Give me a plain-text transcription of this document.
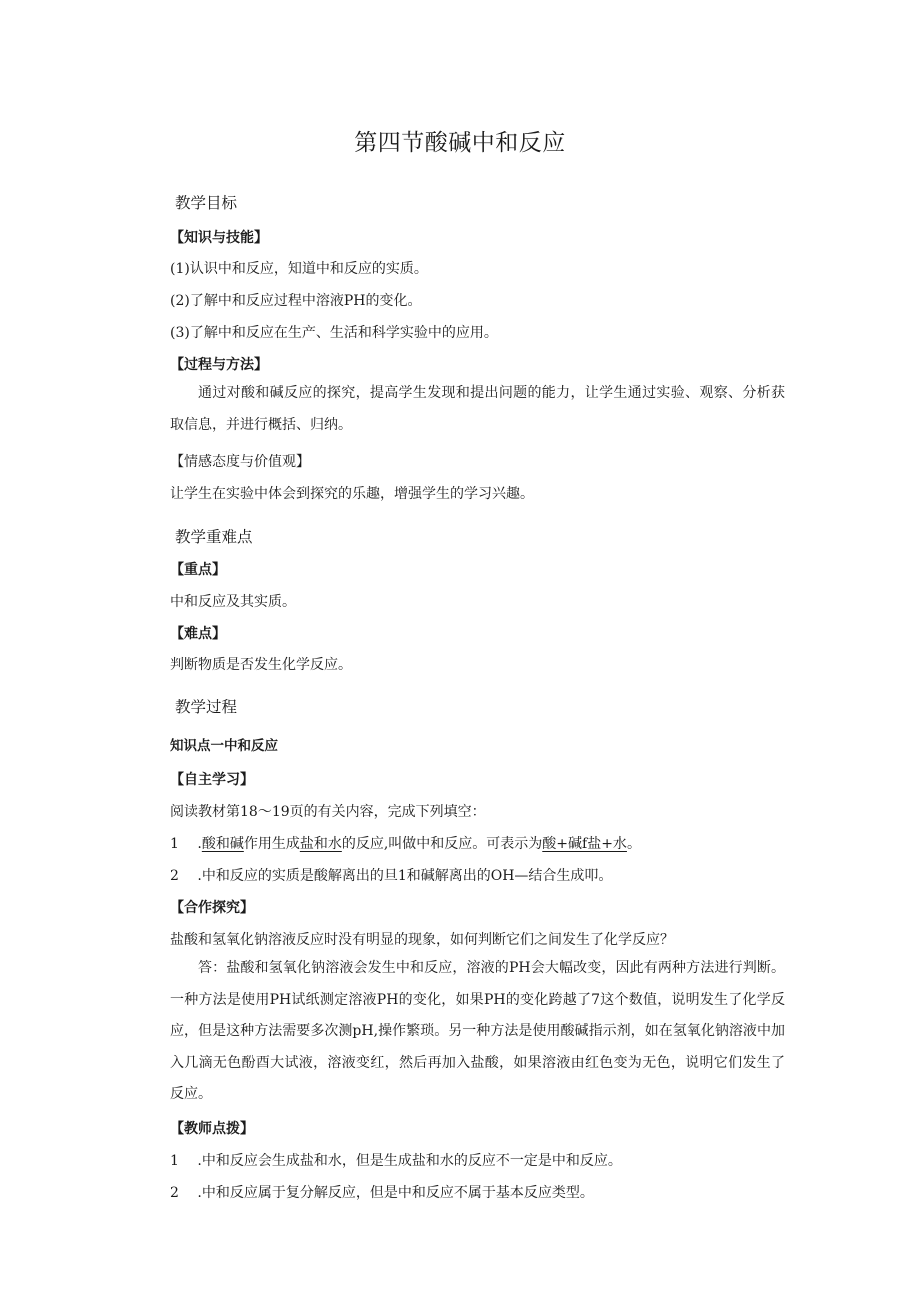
第四节酸碱中和反应
教学目标
【知识与技能】

(1)认识中和反应，知道中和反应的实质。

(2)了解中和反应过程中溶液PH的变化。

(3)了解中和反应在生产、生活和科学实验中的应用。

【过程与方法】

通过对酸和碱反应的探究，提高学生发现和提出问题的能力，让学生通过实验、观察、分析获取信息，并进行概括、归纳。

【情感态度与价值观】

让学生在实验中体会到探究的乐趣，增强学生的学习兴趣。

教学重难点
【重点】

中和反应及其实质。

【难点】

判断物质是否发生化学反应。

教学过程
知识点一中和反应
【自主学习】

阅读教材第18〜19页的有关内容，完成下列填空：

1 .酸和碱作用生成盐和水的反应,叫做中和反应。可表示为酸+碱f盐+水。

2 .中和反应的实质是酸解离出的旦1和碱解离出的OH—结合生成叩。

【合作探究】

盐酸和氢氧化钠溶液反应时没有明显的现象，如何判断它们之间发生了化学反应？

答：盐酸和氢氧化钠溶液会发生中和反应，溶液的PH会大幅改变，因此有两种方法进行判断。一种方法是使用PH试纸测定溶液PH的变化，如果PH的变化跨越了7这个数值，说明发生了化学反应，但是这种方法需要多次测pH,操作繁琐。另一种方法是使用酸碱指示剂，如在氢氧化钠溶液中加入几滴无色酚酉大试液，溶液变红，然后再加入盐酸，如果溶液由红色变为无色，说明它们发生了反应。

【教师点拨】

1 .中和反应会生成盐和水，但是生成盐和水的反应不一定是中和反应。

2 .中和反应属于复分解反应，但是中和反应不属于基本反应类型。
